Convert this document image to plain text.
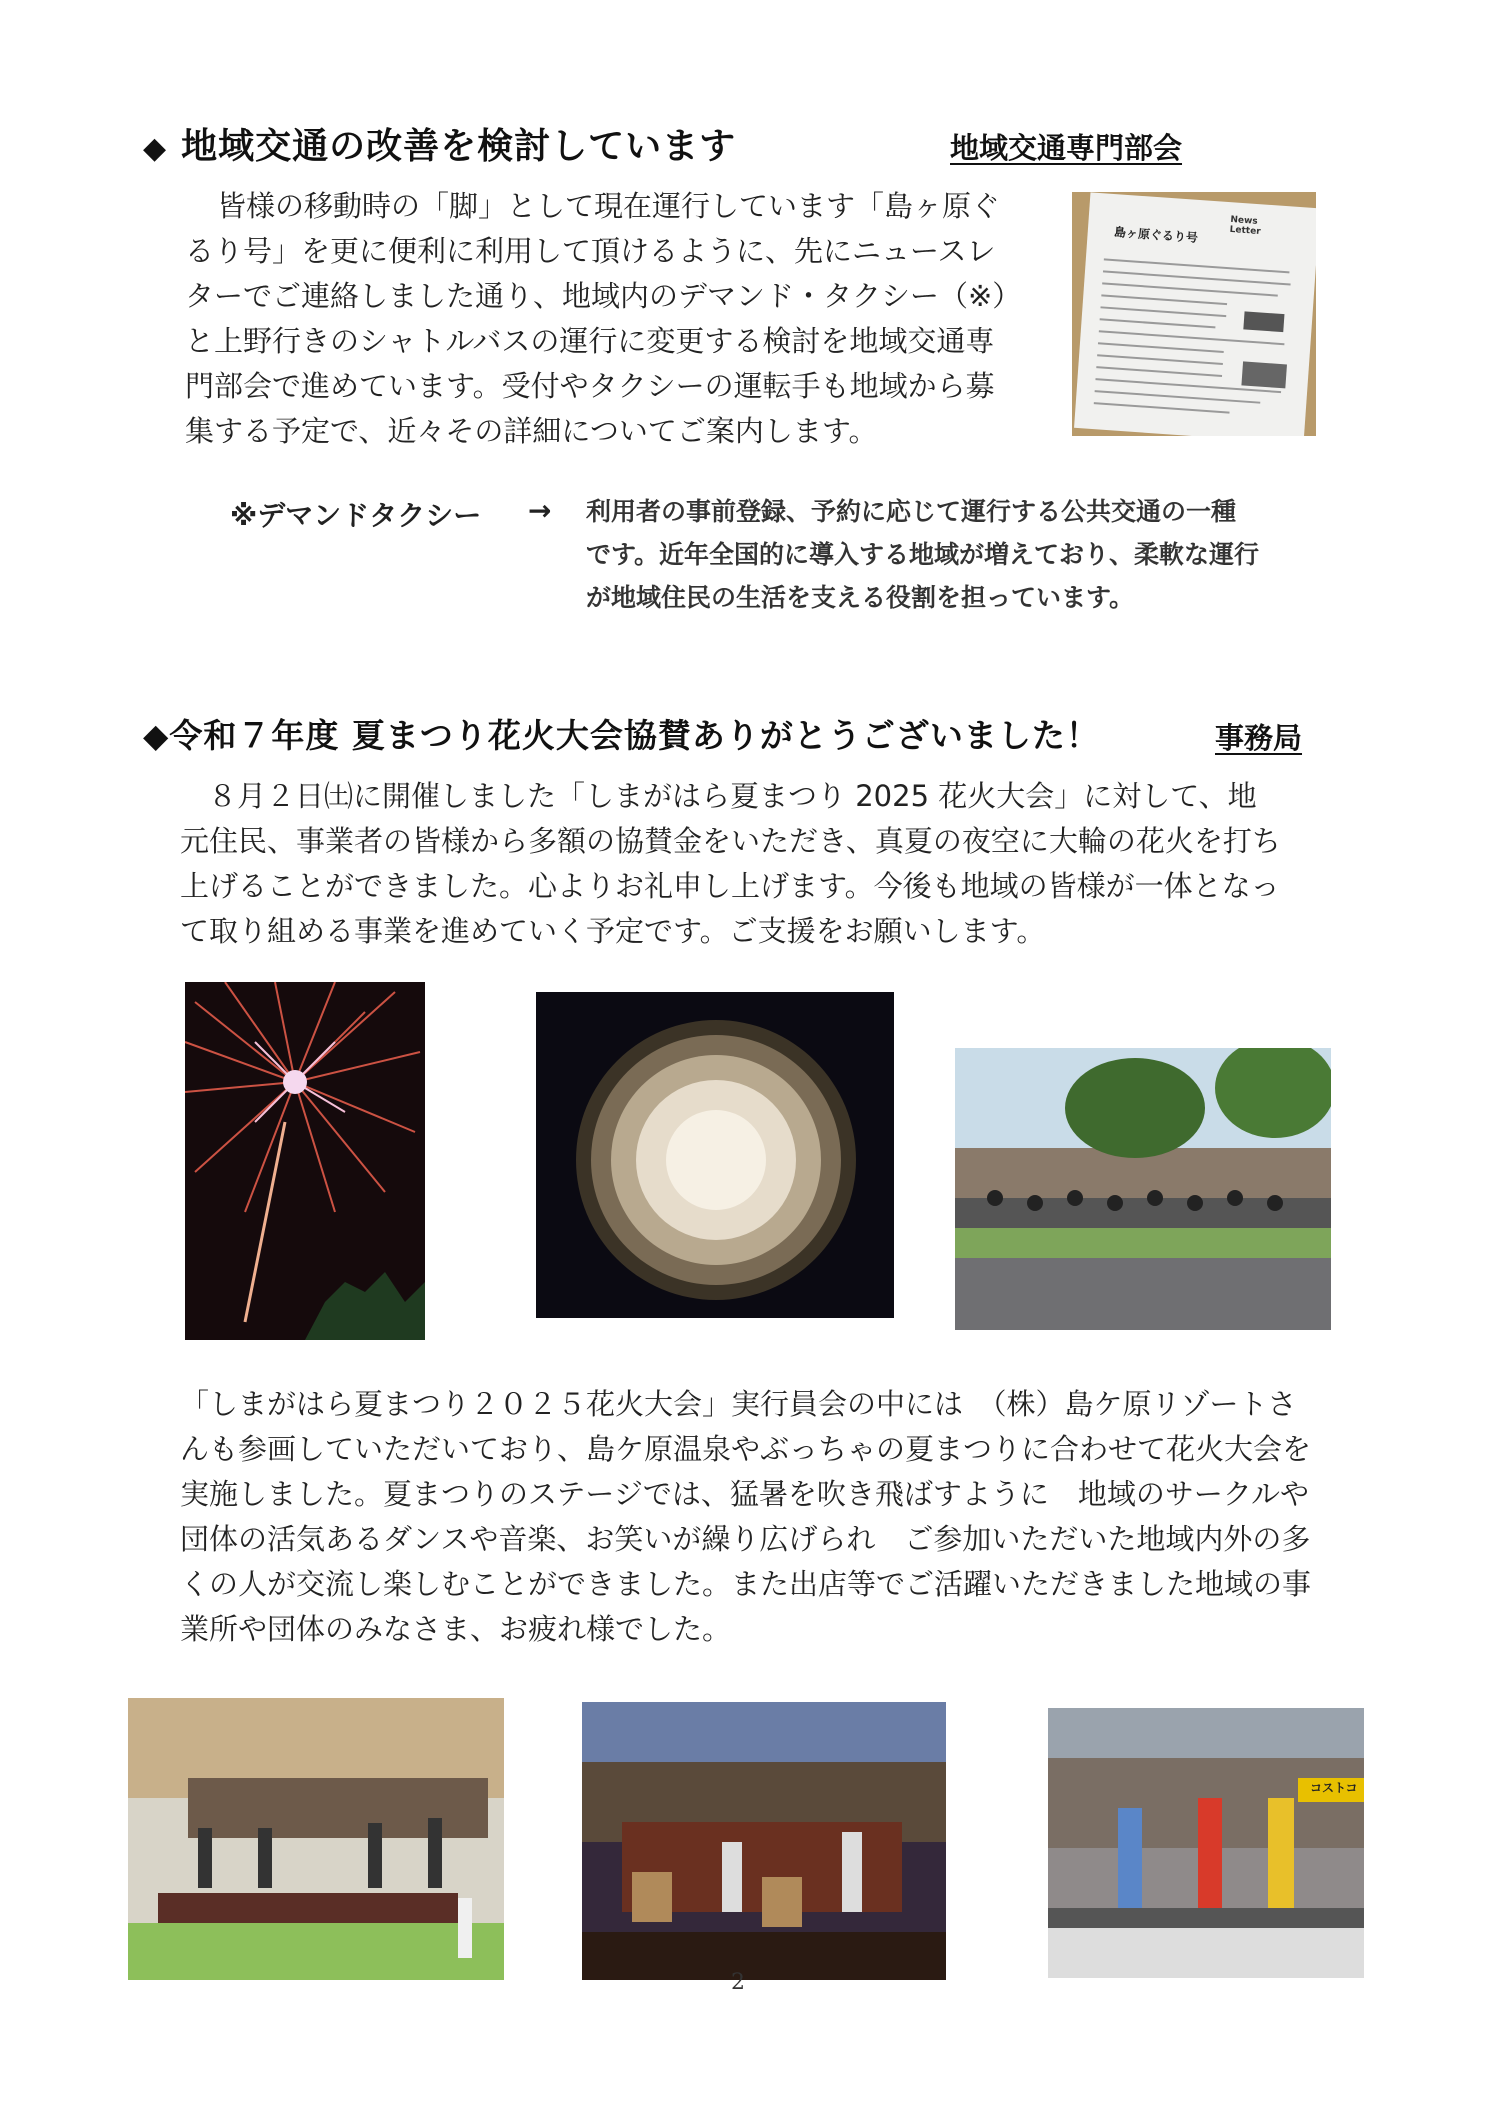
◆ 地域交通の改善を検討しています	地域交通専門部会
皆様の移動時の「脚」として現在運行しています「島ヶ原ぐ
るり号」を更に便利に利用して頂けるように、先にニュースレ
ターでご連絡しました通り、地域内のデマンド・タクシー（※）
と上野行きのシャトルバスの運行に変更する検討を地域交通専
門部会で進めています。受付やタクシーの運転手も地域から募
集する予定で、近々その詳細についてご案内します。
島ヶ原ぐるり号
News
Letter
※デマンドタクシー → 利用者の事前登録、予約に応じて運行する公共交通の一種
です。近年全国的に導入する地域が増えており、柔軟な運行
が地域住民の生活を支える役割を担っています。
◆令和７年度 夏まつり花火大会協賛ありがとうございました！	事務局
８月２日㈯に開催しました「しまがはら夏まつり 2025 花火大会」に対して、地
元住民、事業者の皆様から多額の協賛金をいただき、真夏の夜空に大輪の花火を打ち
上げることができました。心よりお礼申し上げます。今後も地域の皆様が一体となっ
て取り組める事業を進めていく予定です。ご支援をお願いします。
「しまがはら夏まつり２０２５花火大会」実行員会の中には　（株）島ケ原リゾートさ
んも参画していただいており、島ケ原温泉やぶっちゃの夏まつりに合わせて花火大会を
実施しました。夏まつりのステージでは、猛暑を吹き飛ばすように　地域のサークルや
団体の活気あるダンスや音楽、お笑いが繰り広げられ　ご参加いただいた地域内外の多
くの人が交流し楽しむことができました。また出店等でご活躍いただきました地域の事
業所や団体のみなさま、お疲れ様でした。
コストコ
2
